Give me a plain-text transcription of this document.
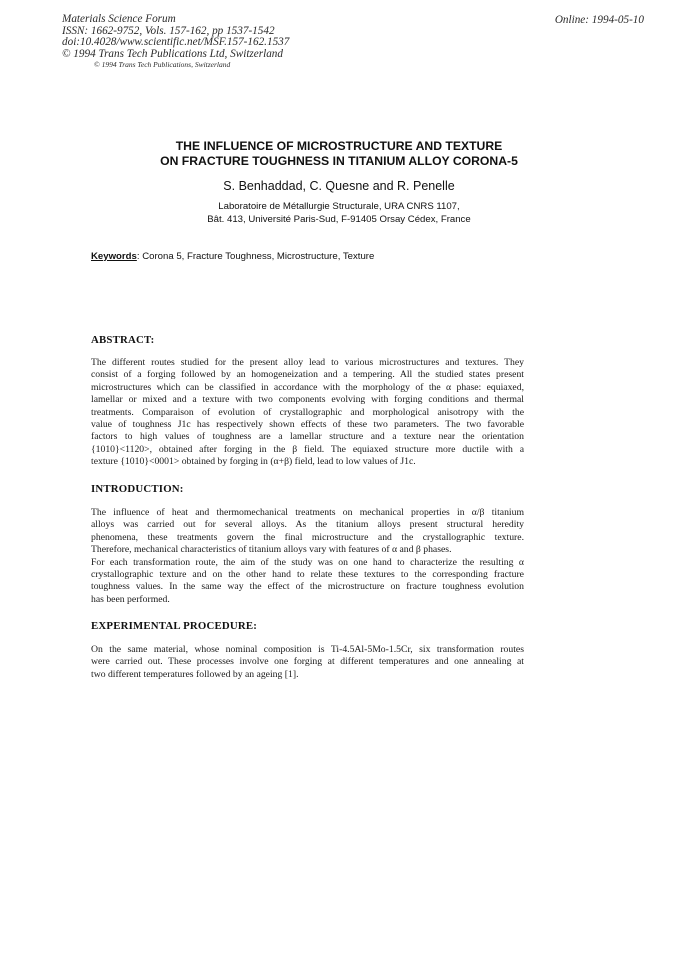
Materials Science Forum
ISSN: 1662-9752, Vols. 157-162, pp 1537-1542
doi:10.4028/www.scientific.net/MSF.157-162.1537
© 1994 Trans Tech Publications Ltd, Switzerland
© 1994 Trans Tech Publications, Switzerland
Online: 1994-05-10
THE INFLUENCE OF MICROSTRUCTURE AND TEXTURE
ON FRACTURE TOUGHNESS IN TITANIUM ALLOY CORONA-5
S. Benhaddad, C. Quesne and R. Penelle
Laboratoire de Métallurgie Structurale, URA CNRS 1107,
Bât. 413, Université Paris-Sud, F-91405 Orsay Cédex, France
Keywords: Corona 5, Fracture Toughness, Microstructure, Texture
ABSTRACT:
The different routes studied for the present alloy lead to various microstructures and textures. They
consist of a forging followed by an homogeneization and a tempering. All the studied states present
microstructures which can be classified in accordance with the morphology of the α phase: equiaxed,
lamellar or mixed and a texture with two components evolving with forging conditions and thermal
treatments. Comparaison of evolution of crystallographic and morphological anisotropy with the
value of toughness J1c has respectively shown effects of these two parameters. The two favorable
factors to high values of toughness are a lamellar structure and a texture near the orientation
{1010}<1120>, obtained after forging in the β field. The equiaxed structure more ductile with a
texture {1010}<0001> obtained by forging in (α+β) field, lead to low values of J1c.
INTRODUCTION:
The influence of heat and thermomechanical treatments on mechanical properties in α/β titanium
alloys was carried out for several alloys. As the titanium alloys present structural heredity
phenomena, these treatments govern the final microstructure and the crystallographic texture.
Therefore, mechanical characteristics of titanium alloys vary with features of α and β phases.
For each transformation route, the aim of the study was on one hand to characterize the resulting α
crystallographic texture and on the other hand to relate these textures to the corresponding fracture
toughness values. In the same way the effect of the microstructure on fracture toughness evolution
has been performed.
EXPERIMENTAL PROCEDURE:
On the same material, whose nominal composition is Ti-4.5Al-5Mo-1.5Cr, six transformation routes
were carried out. These processes involve one forging at different temperatures and one annealing at
two different temperatures followed by an ageing [1].
